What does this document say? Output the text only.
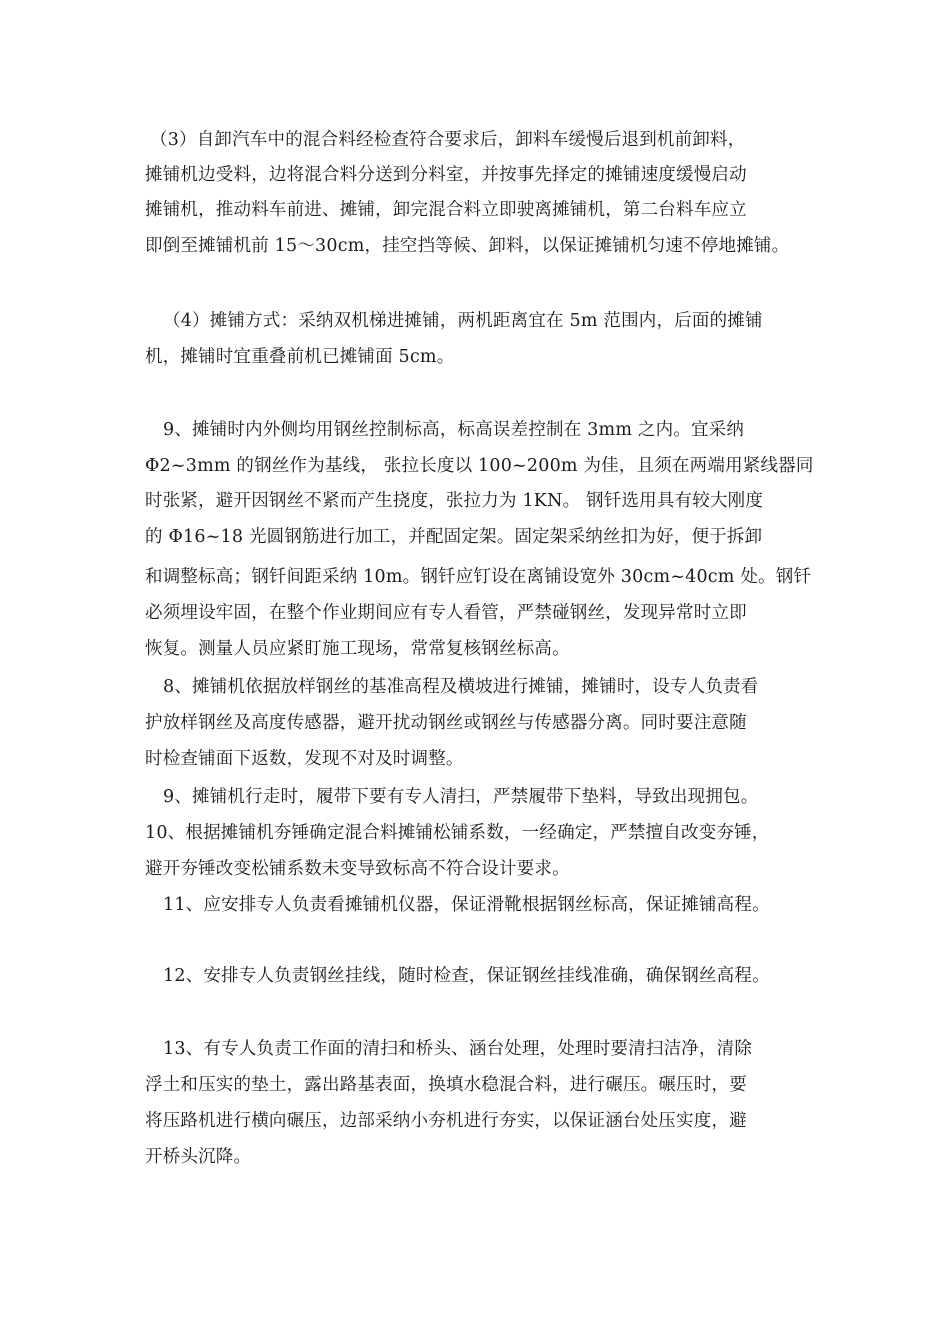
（3）自卸汽车中的混合料经检查符合要求后，卸料车缓慢后退到机前卸料，
摊铺机边受料，边将混合料分送到分料室，并按事先择定的摊铺速度缓慢启动
摊铺机，推动料车前进、摊铺，卸完混合料立即驶离摊铺机，第二台料车应立
即倒至摊铺机前 15～30cm，挂空挡等候、卸料，以保证摊铺机匀速不停地摊铺。
（4）摊铺方式：采纳双机梯进摊铺，两机距离宜在 5m 范围内，后面的摊铺
机，摊铺时宜重叠前机已摊铺面 5cm。
9、摊铺时内外侧均用钢丝控制标高，标高误差控制在 3mm 之内。宜采纳
Φ2~3mm 的钢丝作为基线， 张拉长度以 100~200m 为佳，且须在两端用紧线器同
时张紧，避开因钢丝不紧而产生挠度，张拉力为 1KN。 钢钎选用具有较大刚度
的 Φ16~18 光圆钢筋进行加工，并配固定架。固定架采纳丝扣为好，便于拆卸
和调整标高；钢钎间距采纳 10m。钢钎应钉设在离铺设宽外 30cm~40cm 处。钢钎
必须埋设牢固，在整个作业期间应有专人看管，严禁碰钢丝，发现异常时立即
恢复。测量人员应紧盯施工现场，常常复核钢丝标高。
8、摊铺机依据放样钢丝的基准高程及横坡进行摊铺，摊铺时，设专人负责看
护放样钢丝及高度传感器，避开扰动钢丝或钢丝与传感器分离。同时要注意随
时检查铺面下返数，发现不对及时调整。
9、摊铺机行走时，履带下要有专人清扫，严禁履带下垫料，导致出现拥包。
10、根据摊铺机夯锤确定混合料摊铺松铺系数，一经确定，严禁擅自改变夯锤，
避开夯锤改变松铺系数未变导致标高不符合设计要求。
11、应安排专人负责看摊铺机仪器，保证滑靴根据钢丝标高，保证摊铺高程。
12、安排专人负责钢丝挂线，随时检查，保证钢丝挂线准确，确保钢丝高程。
13、有专人负责工作面的清扫和桥头、涵台处理，处理时要清扫洁净，清除
浮土和压实的垫土，露出路基表面，换填水稳混合料，进行碾压。碾压时，要
将压路机进行横向碾压，边部采纳小夯机进行夯实，以保证涵台处压实度，避
开桥头沉降。
